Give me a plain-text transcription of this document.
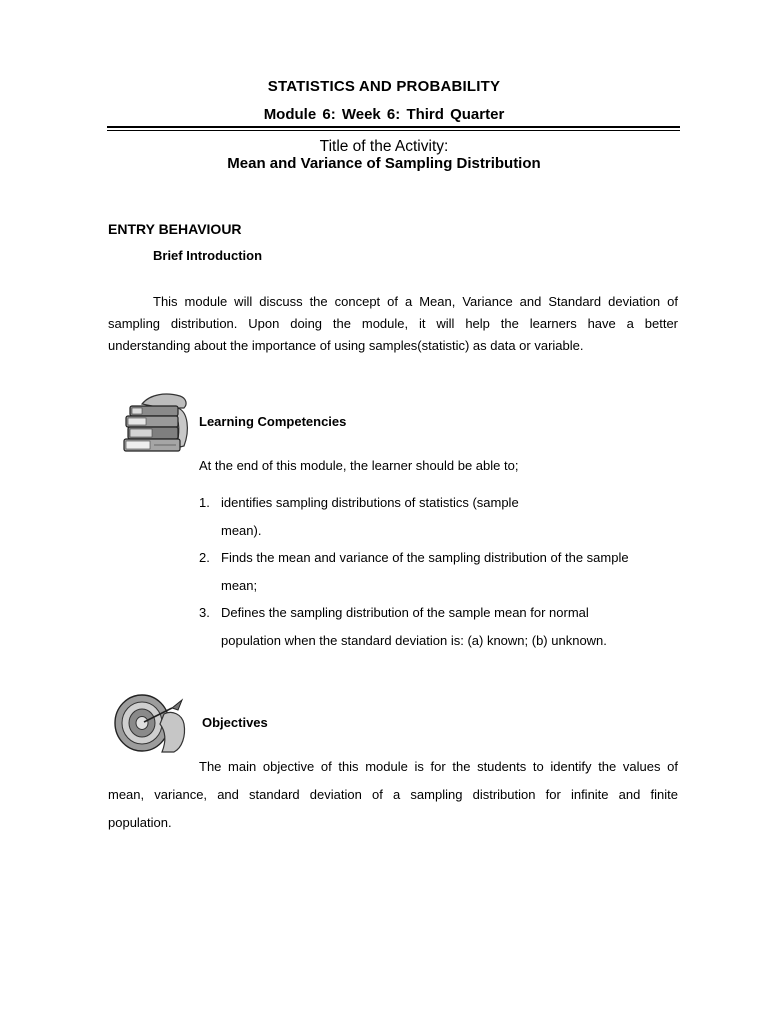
STATISTICS AND PROBABILITY
Module 6: Week 6: Third Quarter
Title of the Activity:
Mean and Variance of Sampling Distribution
ENTRY BEHAVIOUR
Brief Introduction
This module will discuss the concept of a Mean, Variance and Standard deviation of
sampling distribution. Upon doing the module, it will help the learners have a better
understanding about the importance of using samples(statistic) as data or variable.
Learning Competencies
At the end of this module, the learner should be able to;
1. identifies sampling distributions of statistics (sample
mean).
2. Finds the mean and variance of the sampling distribution of the sample
mean;
3. Defines the sampling distribution of the sample mean for normal
population when the standard deviation is: (a) known; (b) unknown.
Objectives
The main objective of this module is for the students to identify the values of
mean, variance, and standard deviation of a sampling distribution for infinite and finite
population.
